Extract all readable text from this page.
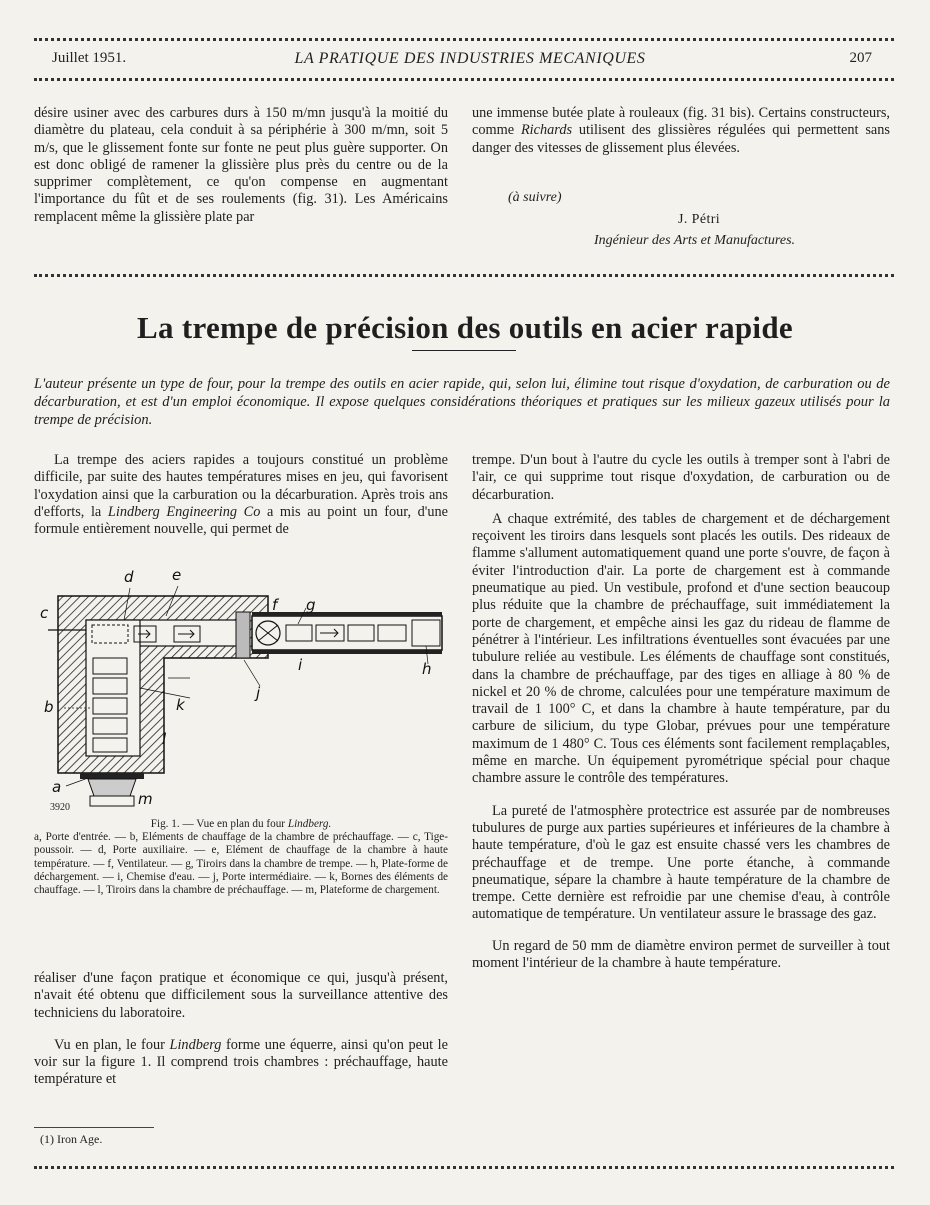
Juillet 1951.	LA PRATIQUE DES INDUSTRIES MECANIQUES	207

désire usiner avec des carbures durs à 150 m/mn jusqu'à la moitié du diamètre du plateau, cela conduit à sa périphérie à 300 m/mn, soit 5 m/s, que le glissement fonte sur fonte ne peut plus guère supporter. On est donc obligé de ramener la glissière plus près du centre ou de la supprimer complètement, ce qu'on compense en augmentant l'importance du fût et de ses roulements (fig. 31). Les Américains remplacent même la glissière plate par

une immense butée plate à rouleaux (fig. 31 bis). Certains constructeurs, comme Richards utilisent des glissières régulées qui permettent sans danger des vitesses de glissement plus élevées.

(à suivre)
J. Pétri
Ingénieur des Arts et Manufactures.
La trempe de précision des outils en acier rapide
L'auteur présente un type de four, pour la trempe des outils en acier rapide, qui, selon lui, élimine tout risque d'oxydation, de carburation ou de décarburation, et est d'un emploi économique. Il expose quelques considérations théoriques et pratiques sur les milieux gazeux utilisés pour la trempe de précision.

La trempe des aciers rapides a toujours constitué un problème difficile, par suite des hautes températures mises en jeu, qui favorisent l'oxydation ainsi que la carburation ou la décarburation. Après trois ans d'efforts, la Lindberg Engineering Co a mis au point un four, d'une formule entièrement nouvelle, qui permet de

d	e
c	f g
i	h
j
k
b
l
a
m
3920
Fig. 1. — Vue en plan du four Lindberg.
a, Porte d'entrée. — b, Eléments de chauffage de la chambre de préchauffage. — c, Tige-poussoir. — d, Porte auxiliaire. — e, Elément de chauffage de la chambre à haute température. — f, Ventilateur. — g, Tiroirs dans la chambre de trempe. — h, Plate-forme de déchargement. — i, Chemise d'eau. — j, Porte intermédiaire. — k, Bornes des éléments de chauffage. — l, Tiroirs dans la chambre de préchauffage. — m, Plateforme de chargement.

réaliser d'une façon pratique et économique ce qui, jusqu'à présent, n'avait été obtenu que difficilement sous la surveillance attentive des techniciens du laboratoire.

Vu en plan, le four Lindberg forme une équerre, ainsi qu'on peut le voir sur la figure 1. Il comprend trois chambres : préchauffage, haute température et

(1) Iron Age.

trempe. D'un bout à l'autre du cycle les outils à tremper sont à l'abri de l'air, ce qui supprime tout risque d'oxydation, de carburation ou de décarburation.

A chaque extrémité, des tables de chargement et de déchargement reçoivent les tiroirs dans lesquels sont placés les outils. Des rideaux de flamme s'allument automatiquement quand une porte s'ouvre, de façon à éviter l'introduction d'air. La porte de chargement est à commande pneumatique au pied. Un vestibule, profond et d'une section beaucoup plus réduite que la chambre de préchauffage, suit immédiatement la porte de chargement, et empêche ainsi les gaz du rideau de flamme de pénétrer à l'intérieur. Les infiltrations éventuelles sont évacuées par une tubulure reliée au vestibule. Les éléments de chauffage sont constitués, dans la chambre de préchauffage, par des tiges en alliage à 80 % de nickel et 20 % de chrome, calculées pour une température maximum de travail de 1 100° C, et dans la chambre à haute température, par du carbure de silicium, du type Globar, prévues pour une température maximum de 1 480° C. Tous ces éléments sont facilement remplaçables, même en marche. Un équipement pyrométrique spécial pour chaque chambre assure le contrôle des températures.

La pureté de l'atmosphère protectrice est assurée par de nombreuses tubulures de purge aux parties supérieures et inférieures de la chambre à haute température, d'où le gaz est ensuite chassé vers les chambres de préchauffage et de trempe. Une porte étanche, à commande pneumatique, sépare la chambre à haute température de la chambre de trempe. Cette dernière est refroidie par une chemise d'eau, à contrôle automatique de température. Un ventilateur assure le brassage des gaz.

Un regard de 50 mm de diamètre environ permet de surveiller à tout moment l'intérieur de la chambre à haute température.
